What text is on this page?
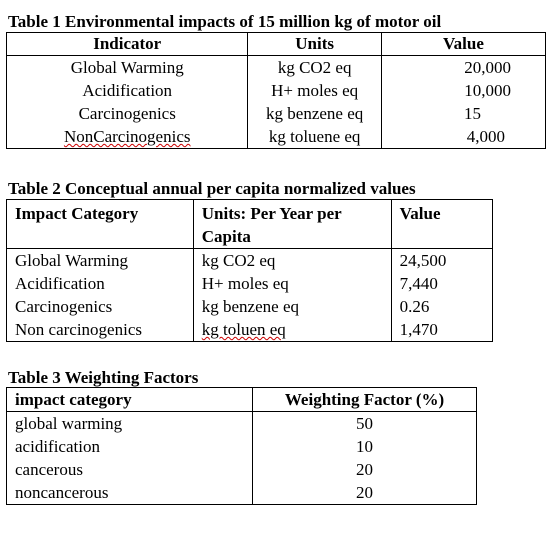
Table 1 Environmental impacts of 15 million kg of motor oil
Indicator	Units	Value
Global Warming	kg CO2 eq	20,000
Acidification	H+ moles eq	10,000
Carcinogenics	kg benzene eq	15
NonCarcinogenics	kg toluene eq	4,000
Table 2 Conceptual annual per capita normalized values
Impact Category	Units: Per Year per Capita	Value
Global Warming	kg CO2 eq	24,500
Acidification	H+ moles eq	7,440
Carcinogenics	kg benzene eq	0.26
Non carcinogenics	kg toluen eq	1,470
Table 3 Weighting Factors
impact category	Weighting Factor (%)
global warming	50
acidification	10
cancerous	20
noncancerous	20
